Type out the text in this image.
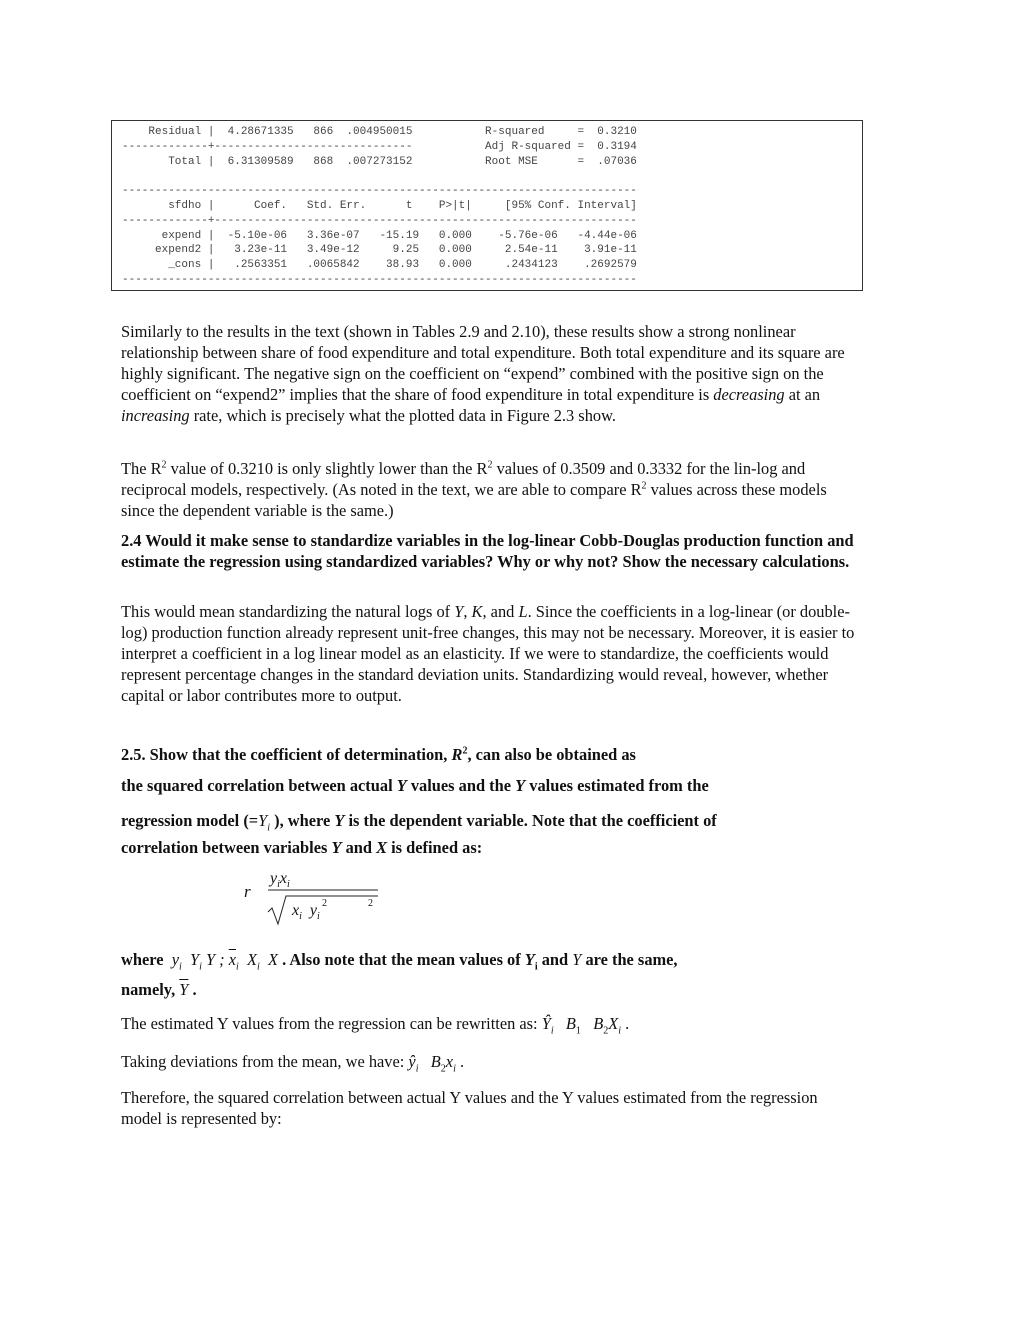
Residual |  4.28671335   866  .004950015           R-squared     =  0.3210
-------------+------------------------------           Adj R-squared =  0.3194
Total |  6.31309589   868  .007273152           Root MSE      =  .07036

------------------------------------------------------------------------------
sfdho |      Coef.   Std. Err.      t    P>|t|     [95% Conf. Interval]
-------------+----------------------------------------------------------------
expend |  -5.10e-06   3.36e-07   -15.19   0.000    -5.76e-06   -4.44e-06
expend2 |   3.23e-11   3.49e-12     9.25   0.000     2.54e-11    3.91e-11
_cons |   .2563351   .0065842    38.93   0.000     .2434123    .2692579
------------------------------------------------------------------------------

Similarly to the results in the text (shown in Tables 2.9 and 2.10), these results show a strong nonlinear relationship between share of food expenditure and total expenditure. Both total expenditure and its square are highly significant. The negative sign on the coefficient on “expend” combined with the positive sign on the coefficient on “expend2” implies that the share of food expenditure in total expenditure is decreasing at an increasing rate, which is precisely what the plotted data in Figure 2.3 show.

The $R^2$ value of 0.3210 is only slightly lower than the $R^2$ values of 0.3509 and 0.3332 for the lin-log and reciprocal models, respectively. (As noted in the text, we are able to compare $R^2$ values across these models since the dependent variable is the same.)

2.4 Would it make sense to standardize variables in the log-linear Cobb-Douglas production function and estimate the regression using standardized variables? Why or why not? Show the necessary calculations.

This would mean standardizing the natural logs of Y, K, and L. Since the coefficients in a log-linear (or double-log) production function already represent unit-free changes, this may not be necessary. Moreover, it is easier to interpret a coefficient in a log linear model as an elasticity. If we were to standardize, the coefficients would represent percentage changes in the standard deviation units. Standardizing would reveal, however, whether capital or labor contributes more to output.

2.5. Show that the coefficient of determination, $R^2$, can also be obtained as

the squared correlation between actual Y values and the Y values estimated from the

regression model ($=Y_i$ ), where Y is the dependent variable. Note that the coefficient of

correlation between variables Y and X is defined as:

r
$y_ix_i$
$x_i$ $y_i$
2	2

where $y_i$ $Y_i$ Y ; $\overline{x}_i$ $X_i$ X . Also note that the mean values of $Y_i$ and Y are the same,

namely, $\overline{Y}$ .

The estimated Y values from the regression can be rewritten as: $Ŷ_i$ $B_1$ $B_2X_i$ .

Taking deviations from the mean, we have: $ŷ_i$ $B_2x_i$ .

Therefore, the squared correlation between actual Y values and the Y values estimated from the regression model is represented by:
